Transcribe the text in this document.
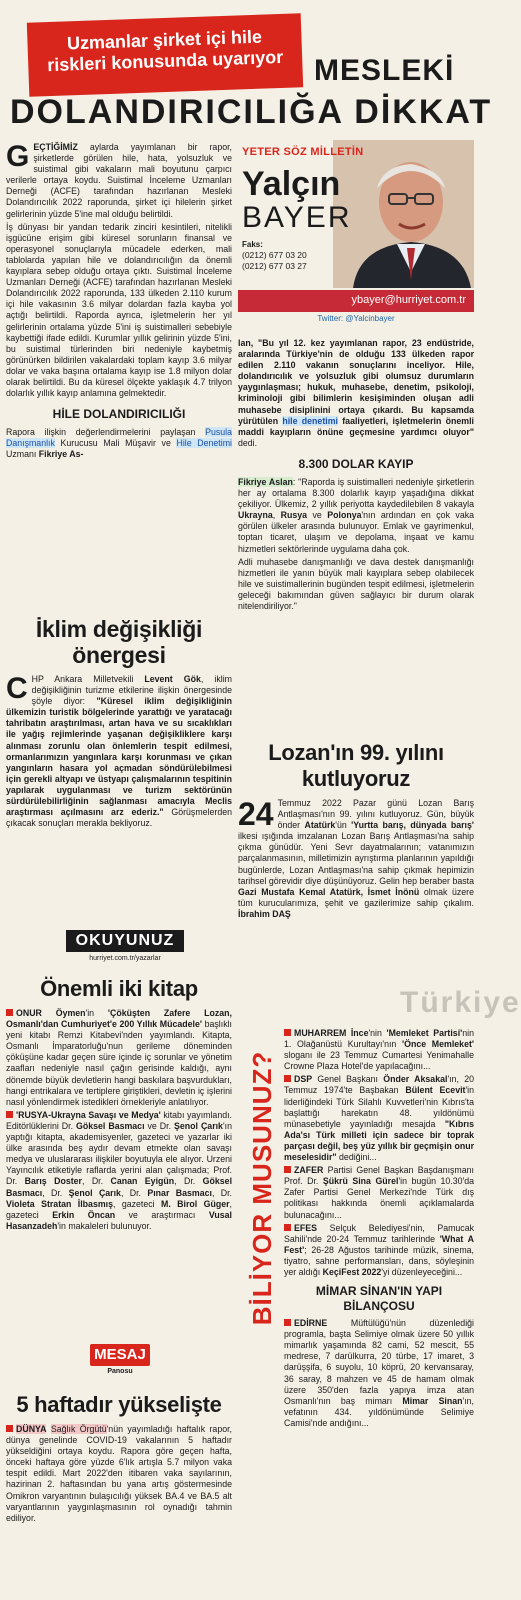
Uzmanlar şirket içi hile
riskleri konusunda uyarıyor	MESLEKİ
DOLANDIRICILIĞA DİKKAT
YETER SÖZ MİLLETİN
Yalçın
BAYER
Faks:
(0212) 677 03 20
(0212) 677 03 27
ybayer@hurriyet.com.tr
Twitter: @Yalcinbayer
GEÇTİĞİMİZ aylarda yayımlanan bir rapor, şirketlerde görülen hile, hata, yolsuzluk ve suistimal gibi vakaların mali boyutunu çarpıcı verilerle ortaya koydu. Suistimal İnceleme Uzmanları Derneği (ACFE) tarafından hazırlanan Mesleki Dolandırıcılık 2022 raporunda, şirket içi hilelerin şirket gelirlerinin yüzde 5'ine mal olduğu belirtildi.
İş dünyası bir yandan tedarik zinciri kesintileri, nitelikli işgücüne erişim gibi küresel sorunların finansal ve operasyonel sonuçlarıyla mücadele ederken, mali tablolarda yapılan hile ve dolandırıcılığın da önemli kayıplara sebep olduğu ortaya çıktı. Suistimal İnceleme Uzmanları Derneği (ACFE) tarafından hazırlanan Mesleki Dolandırıcılık 2022 raporunda, 133 ülkeden 2.110 kurum içi hile vakasının 3.6 milyar dolardan fazla kayba yol açtığı belirtildi. Raporda ayrıca, işletmelerin her yıl gelirlerinin ortalama yüzde 5'ini iş suistimalleri sebebiyle kaybettiği ifade edildi. Kurumlar yıllık gelirinin yüzde 5'ini, bu suistimal türlerinden biri nedeniyle kaybetmiş görünürken bildirilen vakalardaki toplam kayıp 3.6 milyar dolar ve vaka başına ortalama kayıp ise 1.8 milyon dolar olarak belirtildi. Bu da küresel ölçekte yaklaşık 4.7 trilyon dolarlık yıllık kayıp anlamına gelmektedir.
HİLE DOLANDIRICILIĞI
Rapora ilişkin değerlendirmelerini paylaşan Pusula Danışmanlık Kurucusu Mali Müşavir ve Hile Denetimi Uzmanı Fikriye As-
lan, "Bu yıl 12. kez yayımlanan rapor, 23 endüstride, aralarında Türkiye'nin de olduğu 133 ülkeden rapor edilen 2.110 vakanın sonuçlarını inceliyor. Hile, dolandırıcılık ve yolsuzluk gibi olumsuz durumların yaygınlaşması; hukuk, muhasebe, denetim, psikoloji, kriminoloji gibi bilimlerin kesişiminden oluşan adli muhasebe disiplinini ortaya çıkardı. Bu kapsamda yürütülen hile denetimi faaliyetleri, işletmelerin önemli maddi kayıpların önüne geçmesine yardımcı oluyor" dedi.
8.300 DOLAR KAYIP
Fikriye Aslan: "Raporda iş suistimalleri nedeniyle şirketlerin her ay ortalama 8.300 dolarlık kayıp yaşadığına dikkat çekiliyor. Ülkemiz, 2 yıllık periyotta kaydedilebilen 8 vakayla Ukrayna, Rusya ve Polonya'nın ardından en çok vaka görülen ülkeler arasında bulunuyor. Emlak ve gayrimenkul, toptan ticaret, ulaşım ve depolama, inşaat ve kamu hizmetleri sektörlerinde uygulama daha çok.
Adli muhasebe danışmanlığı ve dava destek danışmanlığı hizmetleri ile yanın büyük mali kayıplara sebep olabilecek hile ve suistimallerinin bugünden tespit edilmesi, işletmelerin geleceği bakımından güven sağlayıcı bir durum olarak nitelendiriliyor."
İklim değişikliği önergesi
CHP Ankara Milletvekili Levent Gök, iklim değişikliğinin turizme etkilerine ilişkin önergesinde şöyle diyor: "Küresel iklim değişikliğinin ülkemizin turistik bölgelerinde yarattığı ve yaratacağı tahribatın araştırılması, artan hava ve su sıcaklıkları ile yağış rejimlerinde yaşanan değişikliklere karşı alınması zorunlu olan önlemlerin tespit edilmesi, ormanlarımızın yangınlara karşı korunması ve çıkan yangınların hasara yol açmadan söndürülebilmesi için gerekli altyapı ve üstyapı çalışmalarının tespitinin yapılarak uygulanması ve turizm sektörünün sürdürülebilirliğinin sağlanması amacıyla Meclis araştırması açılmasını arz ederiz." Görüşmelerden çıkacak sonuçları merakla bekliyoruz.
OKUYUNUZ
hurriyet.com.tr/yazarlar
Lozan'ın 99. yılını kutluyoruz
24 Temmuz 2022 Pazar günü Lozan Barış Antlaşması'nın 99. yılını kutluyoruz. Gün, büyük önder Atatürk'ün 'Yurtta barış, dünyada barış' ilkesi ışığında imzalanan Lozan Barış Antlaşması'na sahip çıkma günüdür. Yeni Sevr dayatmalarının; vatanımızın parçalanmasının, milletimizin ayrıştırma planlarının yapıldığı bugünlerde, Lozan Antlaşması'na sahip çıkmak hepimizin tarihsel görevidir diye düşünüyoruz. Gelin hep beraber basta Gazi Mustafa Kemal Atatürk, İsmet İnönü olmak üzere tüm kurucularımıza, şehit ve gazilerimize sahip çıkalım. İbrahim DAŞ
Önemli iki kitap
ONUR Öymen'in 'Çöküşten Zafere Lozan, Osmanlı'dan Cumhuriyet'e 200 Yıllık Mücadele' başlıklı yeni kitabı Remzi Kitabevi'nden yayımlandı. Kitapta, Osmanlı İmparatorluğu'nun gerileme döneminden çöküşüne kadar geçen süre içinde iç sorunlar ve yönetim zaafları nedeniyle nasıl çağın gerisinde kaldığı, aynı dönemde büyük devletlerin hangi baskılara başvurdukları, hangi entrikalara ve tertiplere giriştikleri, devletin iç işlerini nasıl yönlendirmek istedikleri örnekleriyle anlatılıyor.
'RUSYA-Ukrayna Savaşı ve Medya' kitabı yayımlandı. Editörlüklerini Dr. Göksel Basmacı ve Dr. Şenol Çarık'ın yaptığı kitapta, akademisyenler, gazeteci ve yazarlar iki ülke arasında beş aydır devam etmekte olan savaşı medya ve uluslararası ilişkiler boyutuyla ele alıyor. Urzeni Yayıncılık etiketiyle raflarda yerini alan çalışmada; Prof. Dr. Barış Doster, Dr. Canan Eyigün, Dr. Göksel Basmacı, Dr. Şenol Çarık, Dr. Pınar Basmacı, Dr. Violeta Stratan İlbasmış, gazeteci M. Birol Güger, gazeteci Erkin Öncan ve araştırmacı Vusal Hasanzadeh'in makaleleri bulunuyor.
MESAJ
Panosu
5 haftadır yükselişte
DÜNYA Sağlık Örgütü'nün yayımladığı haftalık rapor, dünya genelinde COVID-19 vakalarının 5 haftadır yükseldiğini ortaya koydu. Rapora göre geçen hafta, önceki haftaya göre yüzde 6'lık artışla 5.7 milyon vaka tespit edildi. Mart 2022'den itibaren vaka sayılarının, hazirinan 2. haftasından bu yana artış göstermesinde Omikron varyantının bulaşıcılığı yüksek BA.4 ve BA.5 alt varyantlarının yaygınlaşmasının rol oynadığı tahmin ediliyor.
Türkiye
BİLİYOR MUSUNUZ?
MUHARREM İnce'nin 'Memleket Partisi'nin 1. Olağanüstü Kurultayı'nın 'Önce Memleket' sloganı ile 23 Temmuz Cumartesi Yenimahalle Crowne Plaza Hotel'de yapılacağını...
DSP Genel Başkanı Önder Aksakal'ın, 20 Temmuz 1974'te Başbakan Bülent Ecevit'in liderliğindeki Türk Silahlı Kuvvetleri'nin Kıbrıs'ta başlattığı harekatın 48. yıldönümü münasebetiyle yayınladığı mesajda "Kıbrıs Ada'sı Türk milleti için sadece bir toprak parçası değil, beş yüz yıllık bir geçmişin onur meselesidir" dediğini...
ZAFER Partisi Genel Başkan Başdanışmanı Prof. Dr. Şükrü Sina Gürel'in bugün 10.30'da Zafer Partisi Genel Merkezi'nde Türk dış politikası hakkında önemli açıklamalarda bulunacağını...
EFES Selçuk Belediyesi'nin, Pamucak Sahili'nde 20-24 Temmuz tarihlerinde 'What A Fest'; 26-28 Ağustos tarihinde müzik, sinema, tiyatro, sahne performansları, dans, söyleşinin yer aldığı KeçiFest 2022'yi düzenleyeceğini...
MİMAR SİNAN'IN YAPI BİLANÇOSU
EDİRNE Müftülüğü'nün düzenlediği programla, başta Selimiye olmak üzere 50 yıllık mimarlık yaşamında 82 cami, 52 mescit, 55 medrese, 7 darülkurra, 20 türbe, 17 imaret, 3 darüşşifa, 6 suyolu, 10 köprü, 20 kervansaray, 36 saray, 8 mahzen ve 45 de hamam olmak üzere 350'den fazla yapıya imza atan Osmanlı'nın baş mimarı Mimar Sinan'ın, vefatının 434. yıldönümünde Selimiye Camisi'nde andığını...
